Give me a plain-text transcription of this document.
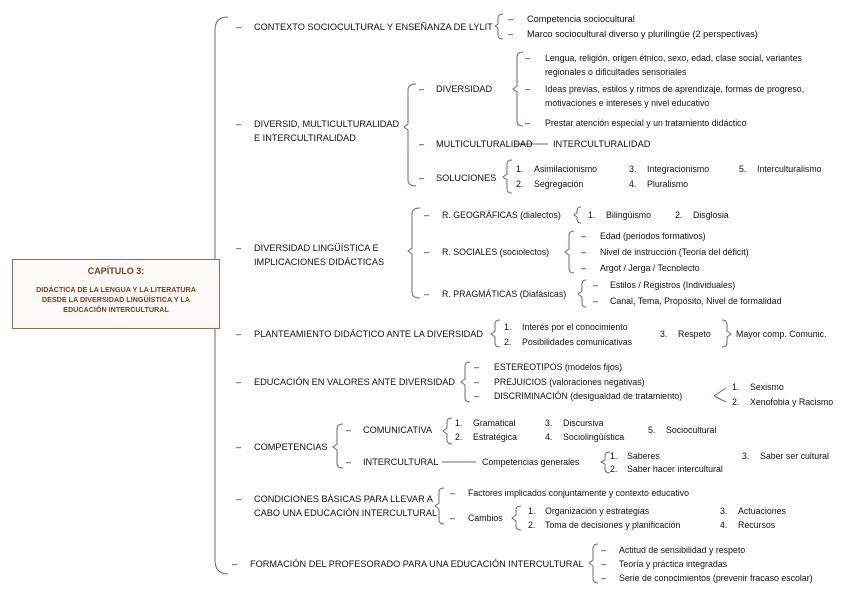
CAPÍTULO 3:
DIDÁCTICA DE LA LENGUA Y LA LITERATURA
DESDE LA DIVERSIDAD LINGÜÍSTICA Y LA
EDUCACIÓN INTERCULTURAL
– CONTEXTO SOCIOCULTURAL Y ENSEÑANZA DE LYLIT
– Competencia sociocultural
– Marco sociocultural diverso y plurilingüe (2 perspectivas)
– DIVERSID, MULTICULTURALIDAD
E INTERCULTIRALIDAD
– DIVERSIDAD
– Lengua, religión, origen étnico, sexo, edad, clase social, variantes
regionales o dificultades sensoriales
– Ideas previas, estilos y ritmos de aprendizaje, formas de progreso,
motivaciones e intereses y nivel educativo
– Prestar atención especial y un tratamiento didáctico
– MULTICULTURALIDAD INTERCULTURALIDAD
– SOLUCIONES
1. Asimilacionismo
2. Segregación
3. Integracionismo
4. Pluralismo
5. Interculturalismo
– DIVERSIDAD LINGÜÍSTICA E
IMPLICACIONES DIDÁCTICAS
– R. GEOGRÁFICAS (dialectos)	1. Bilingüismo	2. Disglosia
– R. SOCIALES (sociolectos)
– Edad (periodos formativos)
– Nivel de instrucción (Teoría del déficit)
– Argot / Jerga / Tecnolecto
– R. PRAGMÁTICAS (Diafásicas)
– Estilos / Registros (Individuales)
– Canal, Tema, Propósito, Nivel de formalidad
– PLANTEAMIENTO DIDÁCTICO ANTE LA DIVERSIDAD
1. Interés por el conocimiento
2. Posibilidades comunicativas
3. Respeto	Mayor comp. Comunic.
– EDUCACIÓN EN VALORES ANTE DIVERSIDAD
– ESTEREOTIPOS (modelos fijos)
– PREJUICIOS (valoraciones negativas)
– DISCRIMINACIÓN (desigualdad de tratamiento)
1. Sexismo
2. Xenofobia y Racismo
– COMPETENCIAS
– COMUNICATIVA
1. Gramatical
2. Estratégica
3. Discursiva
4. Sociolingüística
5. Sociocultural
– INTERCULTURAL	Competencias generales
1. Saberes
2. Saber hacer intercultural
3. Saber ser cultural
– CONDICIONES BÁSICAS PARA LLEVAR A
CABO UNA EDUCACIÓN INTERCULTURAL
– Factores implicados conjuntamente y contexto educativo
– Cambios
1. Organización y estrategias
2. Toma de decisiones y planificación
3. Actuaciones
4. Recursos
– FORMACIÓN DEL PROFESORADO PARA UNA EDUCACIÓN INTERCULTURAL
– Actitud de sensibilidad y respeto
– Teoría y práctica integradas
– Serie de conocimientos (prevenir fracaso escolar)
